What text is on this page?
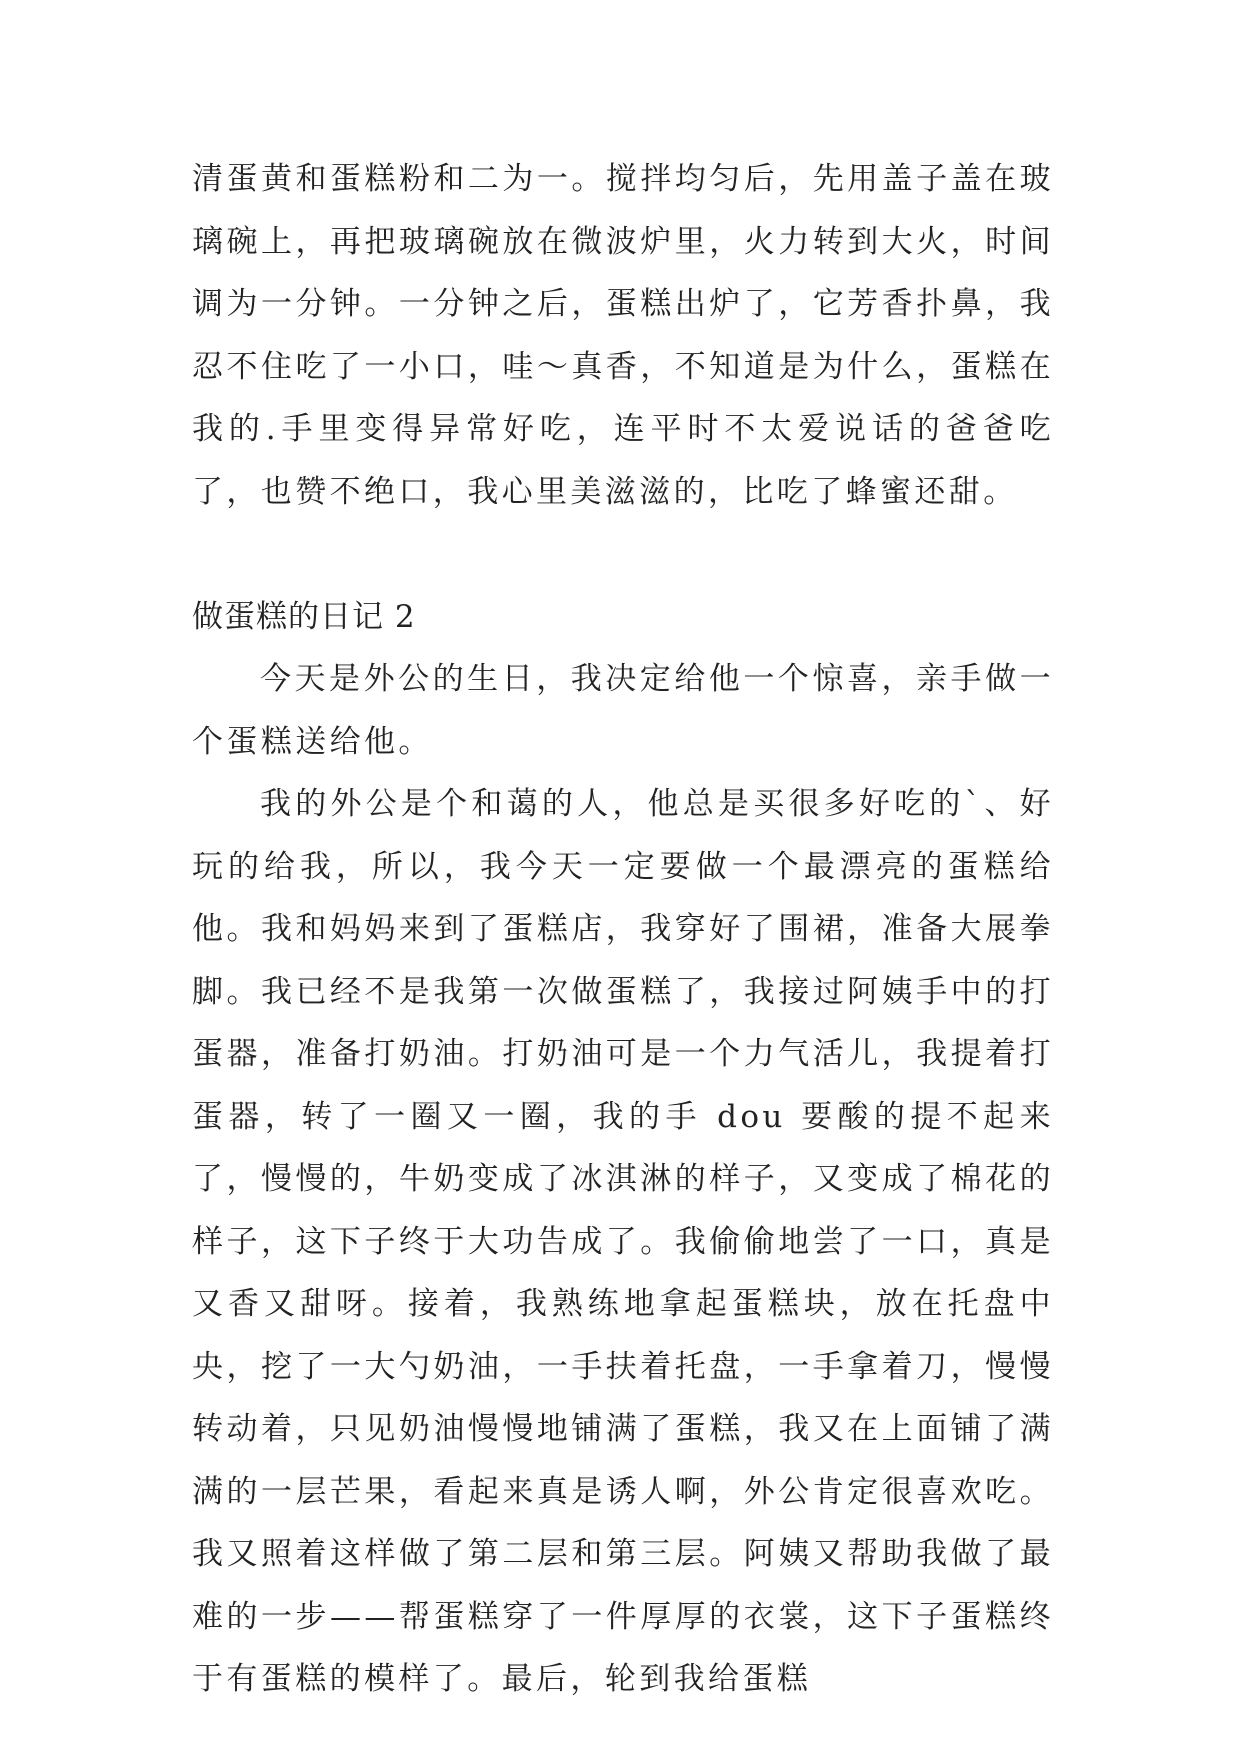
清蛋黄和蛋糕粉和二为一。搅拌均匀后，先用盖子盖在玻璃碗上，再把玻璃碗放在微波炉里，火力转到大火，时间调为一分钟。一分钟之后，蛋糕出炉了，它芳香扑鼻，我忍不住吃了一小口，哇～真香，不知道是为什么，蛋糕在我的.手里变得异常好吃，连平时不太爱说话的爸爸吃了，也赞不绝口，我心里美滋滋的，比吃了蜂蜜还甜。

做蛋糕的日记 2

今天是外公的生日，我决定给他一个惊喜，亲手做一个蛋糕送给他。

我的外公是个和蔼的人，他总是买很多好吃的`、好玩的给我，所以，我今天一定要做一个最漂亮的蛋糕给他。我和妈妈来到了蛋糕店，我穿好了围裙，准备大展拳脚。我已经不是我第一次做蛋糕了，我接过阿姨手中的打蛋器，准备打奶油。打奶油可是一个力气活儿，我提着打蛋器，转了一圈又一圈，我的手 dou 要酸的提不起来了，慢慢的，牛奶变成了冰淇淋的样子，又变成了棉花的样子，这下子终于大功告成了。我偷偷地尝了一口，真是又香又甜呀。接着，我熟练地拿起蛋糕块，放在托盘中央，挖了一大勺奶油，一手扶着托盘，一手拿着刀，慢慢转动着，只见奶油慢慢地铺满了蛋糕，我又在上面铺了满满的一层芒果，看起来真是诱人啊，外公肯定很喜欢吃。我又照着这样做了第二层和第三层。阿姨又帮助我做了最难的一步——帮蛋糕穿了一件厚厚的衣裳，这下子蛋糕终于有蛋糕的模样了。最后，轮到我给蛋糕
